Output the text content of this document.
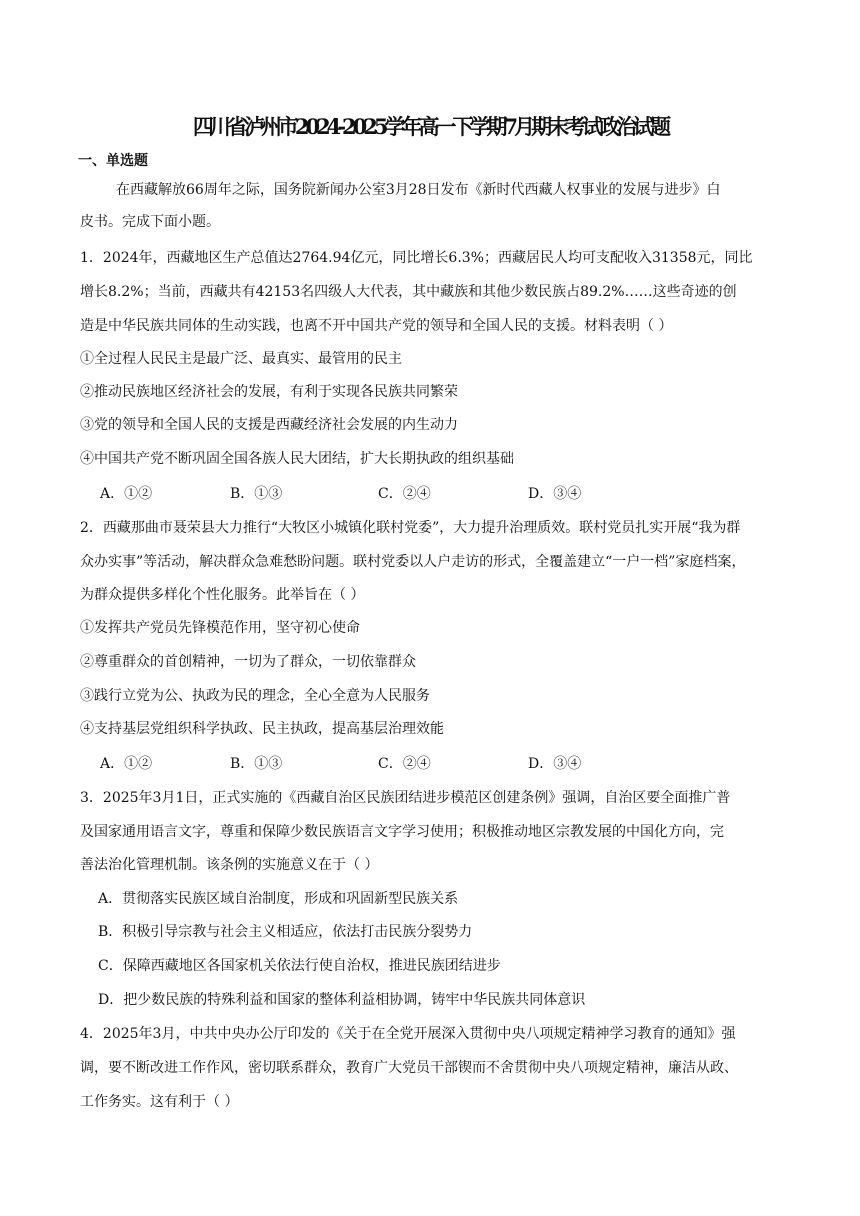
四川省泸州市2024-2025学年高一下学期7月期末考试政治试题
一、单选题
在西藏解放66周年之际，国务院新闻办公室3月28日发布《新时代西藏人权事业的发展与进步》白
皮书。完成下面小题。
1．2024年，西藏地区生产总值达2764.94亿元，同比增长6.3%；西藏居民人均可支配收入31358元，同比
增长8.2%；当前，西藏共有42153名四级人大代表，其中藏族和其他少数民族占89.2%……这些奇迹的创
造是中华民族共同体的生动实践，也离不开中国共产党的领导和全国人民的支援。材料表明（ ）
①全过程人民民主是最广泛、最真实、最管用的民主
②推动民族地区经济社会的发展，有利于实现各民族共同繁荣
③党的领导和全国人民的支援是西藏经济社会发展的内生动力
④中国共产党不断巩固全国各族人民大团结，扩大长期执政的组织基础
A．①②	B．①③	C．②④	D．③④
2．西藏那曲市聂荣县大力推行“大牧区小城镇化联村党委”，大力提升治理质效。联村党员扎实开展“我为群
众办实事”等活动，解决群众急难愁盼问题。联村党委以人户走访的形式，全覆盖建立“一户一档”家庭档案，
为群众提供多样化个性化服务。此举旨在（ ）
①发挥共产党员先锋模范作用，坚守初心使命
②尊重群众的首创精神，一切为了群众，一切依靠群众
③践行立党为公、执政为民的理念，全心全意为人民服务
④支持基层党组织科学执政、民主执政，提高基层治理效能
A．①②	B．①③	C．②④	D．③④
3．2025年3月1日，正式实施的《西藏自治区民族团结进步模范区创建条例》强调，自治区要全面推广普
及国家通用语言文字，尊重和保障少数民族语言文字学习使用；积极推动地区宗教发展的中国化方向，完
善法治化管理机制。该条例的实施意义在于（ ）
A．贯彻落实民族区域自治制度，形成和巩固新型民族关系
B．积极引导宗教与社会主义相适应，依法打击民族分裂势力
C．保障西藏地区各国家机关依法行使自治权，推进民族团结进步
D．把少数民族的特殊利益和国家的整体利益相协调，铸牢中华民族共同体意识
4．2025年3月，中共中央办公厅印发的《关于在全党开展深入贯彻中央八项规定精神学习教育的通知》强
调，要不断改进工作作风，密切联系群众，教育广大党员干部锲而不舍贯彻中央八项规定精神，廉洁从政、
工作务实。这有利于（ ）
